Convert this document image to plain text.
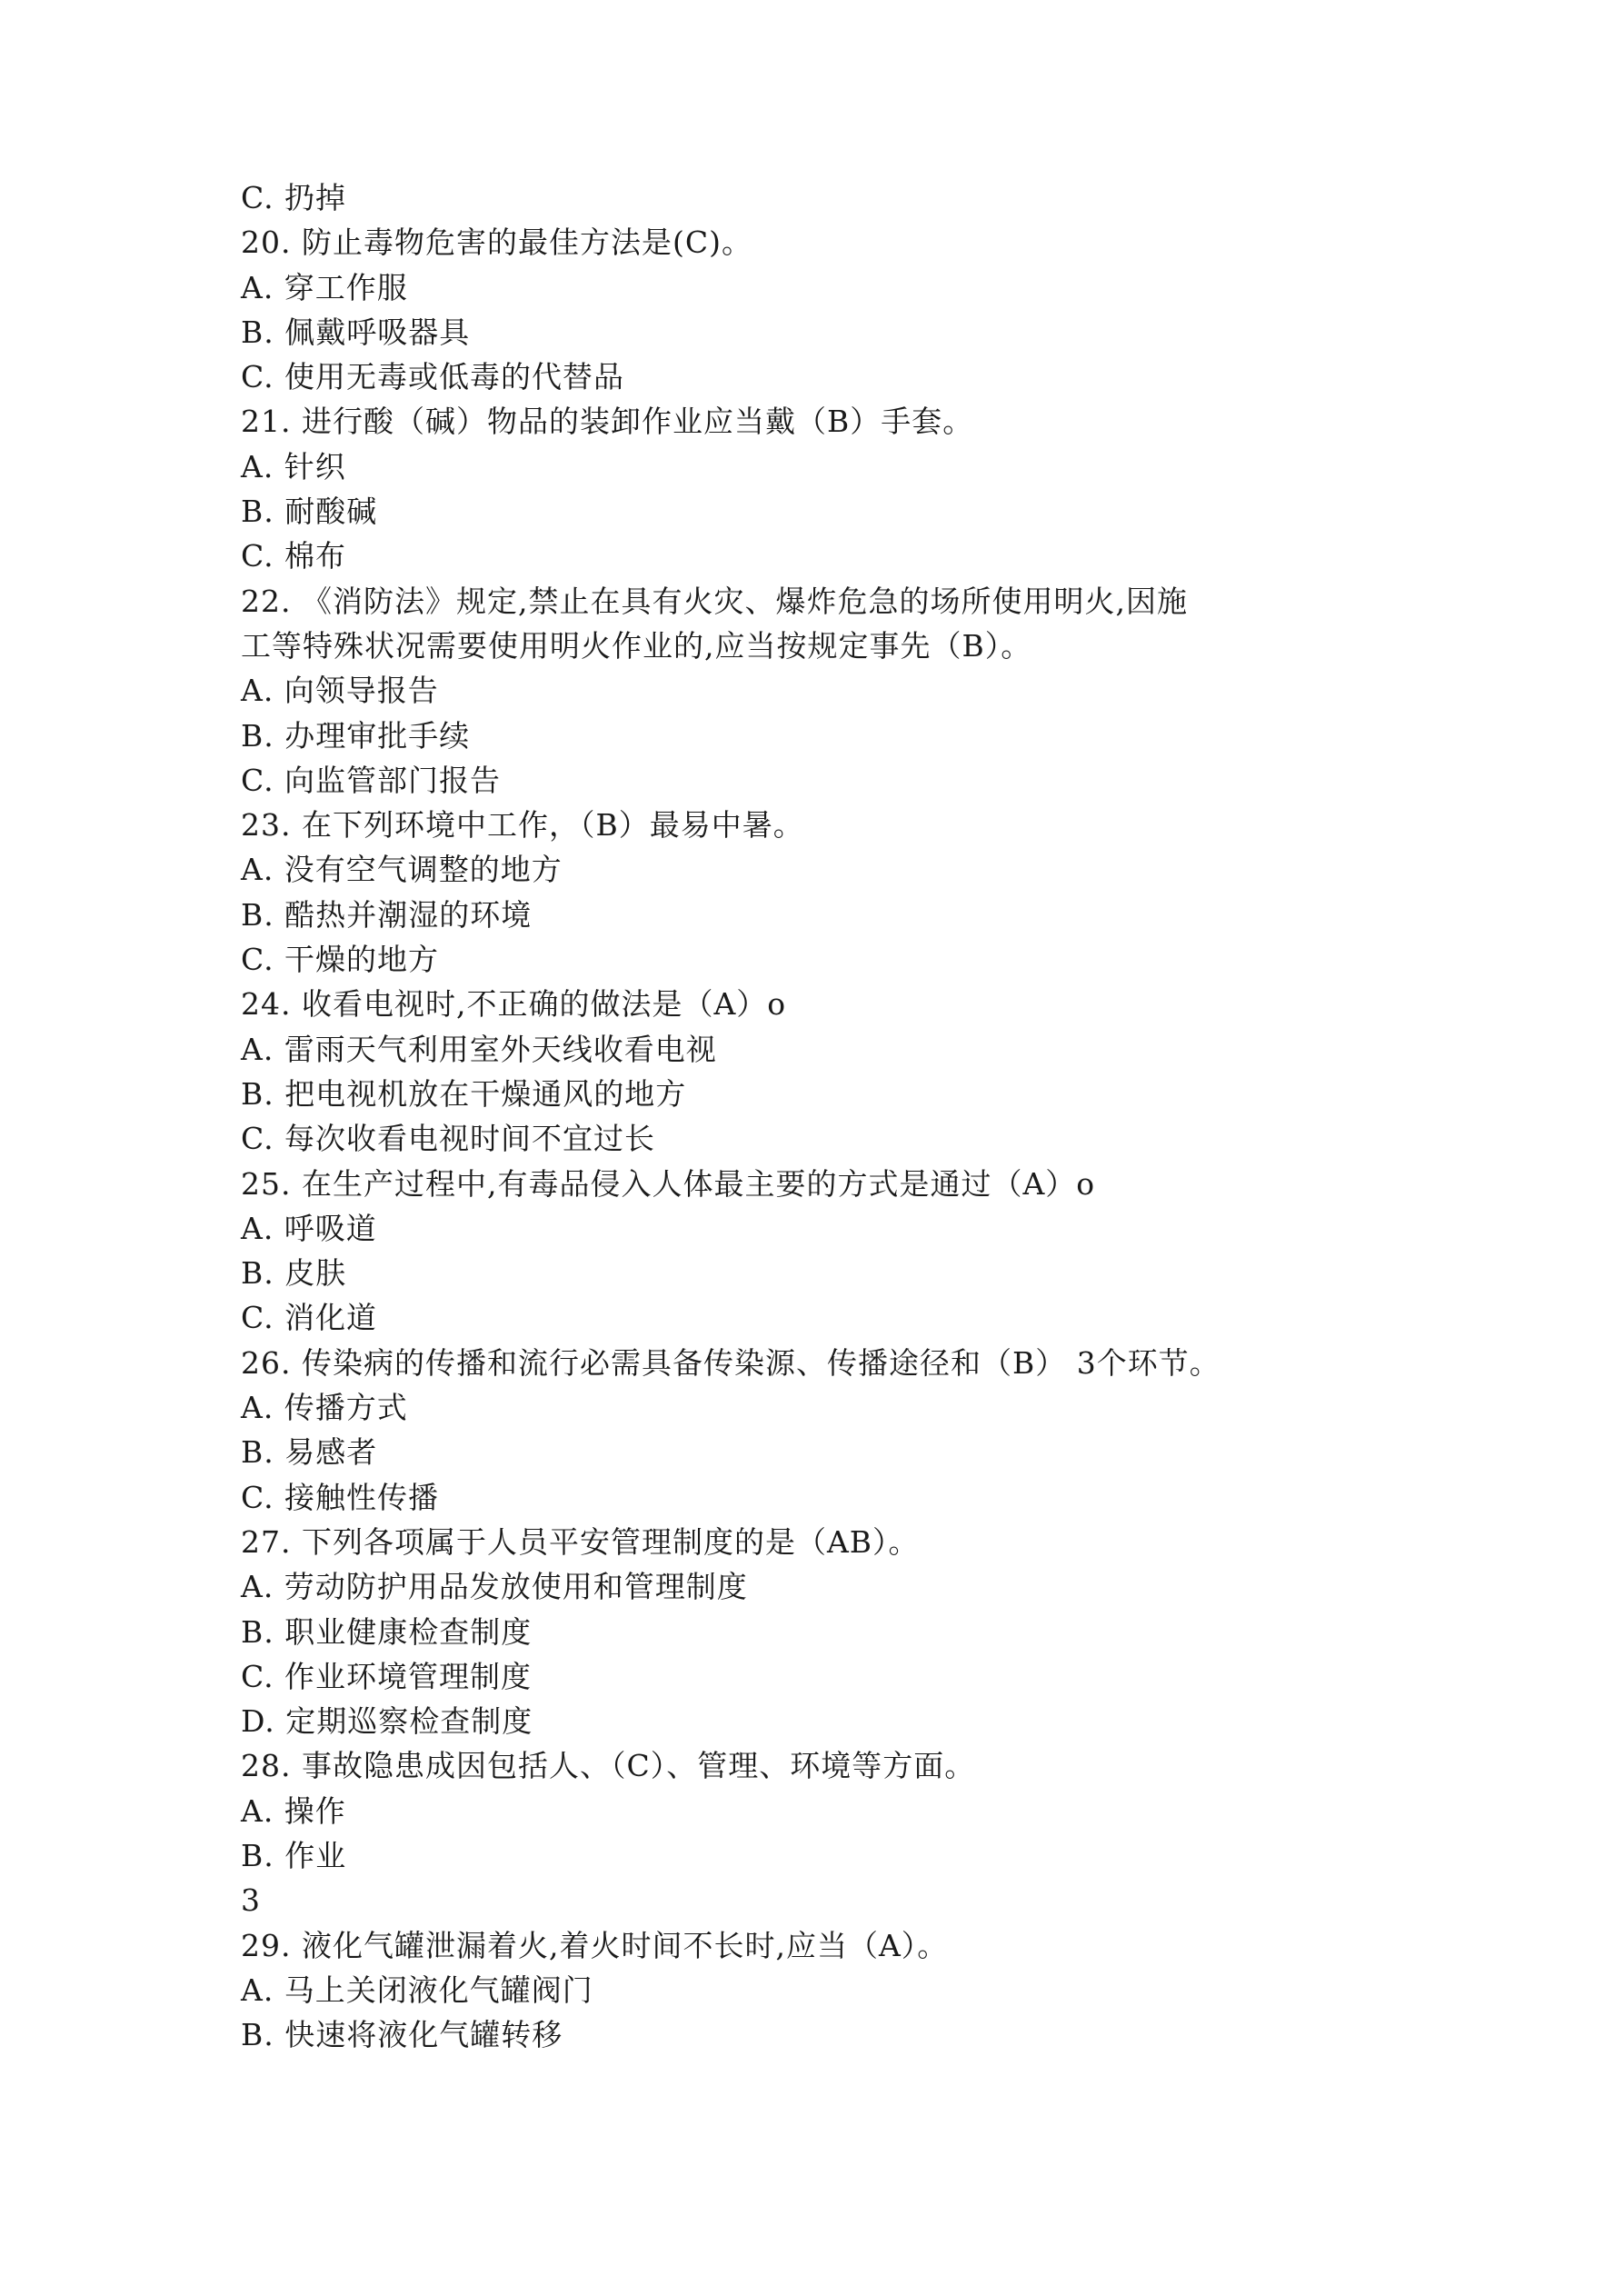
C. 扔掉
20. 防止毒物危害的最佳方法是(C)。
A. 穿工作服
B. 佩戴呼吸器具
C. 使用无毒或低毒的代替品
21. 进行酸（碱）物品的装卸作业应当戴（B）手套。
A. 针织
B. 耐酸碱
C. 棉布
22. 《消防法》规定,禁止在具有火灾、爆炸危急的场所使用明火,因施
工等特殊状况需要使用明火作业的,应当按规定事先（B）。
A. 向领导报告
B. 办理审批手续
C. 向监管部门报告
23. 在下列环境中工作，（B）最易中暑。
A. 没有空气调整的地方
B. 酷热并潮湿的环境
C. 干燥的地方
24. 收看电视时,不正确的做法是（A）o
A. 雷雨天气利用室外天线收看电视
B. 把电视机放在干燥通风的地方
C. 每次收看电视时间不宜过长
25. 在生产过程中,有毒品侵入人体最主要的方式是通过（A）o
A. 呼吸道
B. 皮肤
C. 消化道
26. 传染病的传播和流行必需具备传染源、传播途径和（B） 3个环节。
A. 传播方式
B. 易感者
C. 接触性传播
27. 下列各项属于人员平安管理制度的是（AB）。
A. 劳动防护用品发放使用和管理制度
B. 职业健康检查制度
C. 作业环境管理制度
D. 定期巡察检查制度
28. 事故隐患成因包括人、（C）、管理、环境等方面。
A. 操作
B. 作业
3
29. 液化气罐泄漏着火,着火时间不长时,应当（A）。
A. 马上关闭液化气罐阀门
B. 快速将液化气罐转移
